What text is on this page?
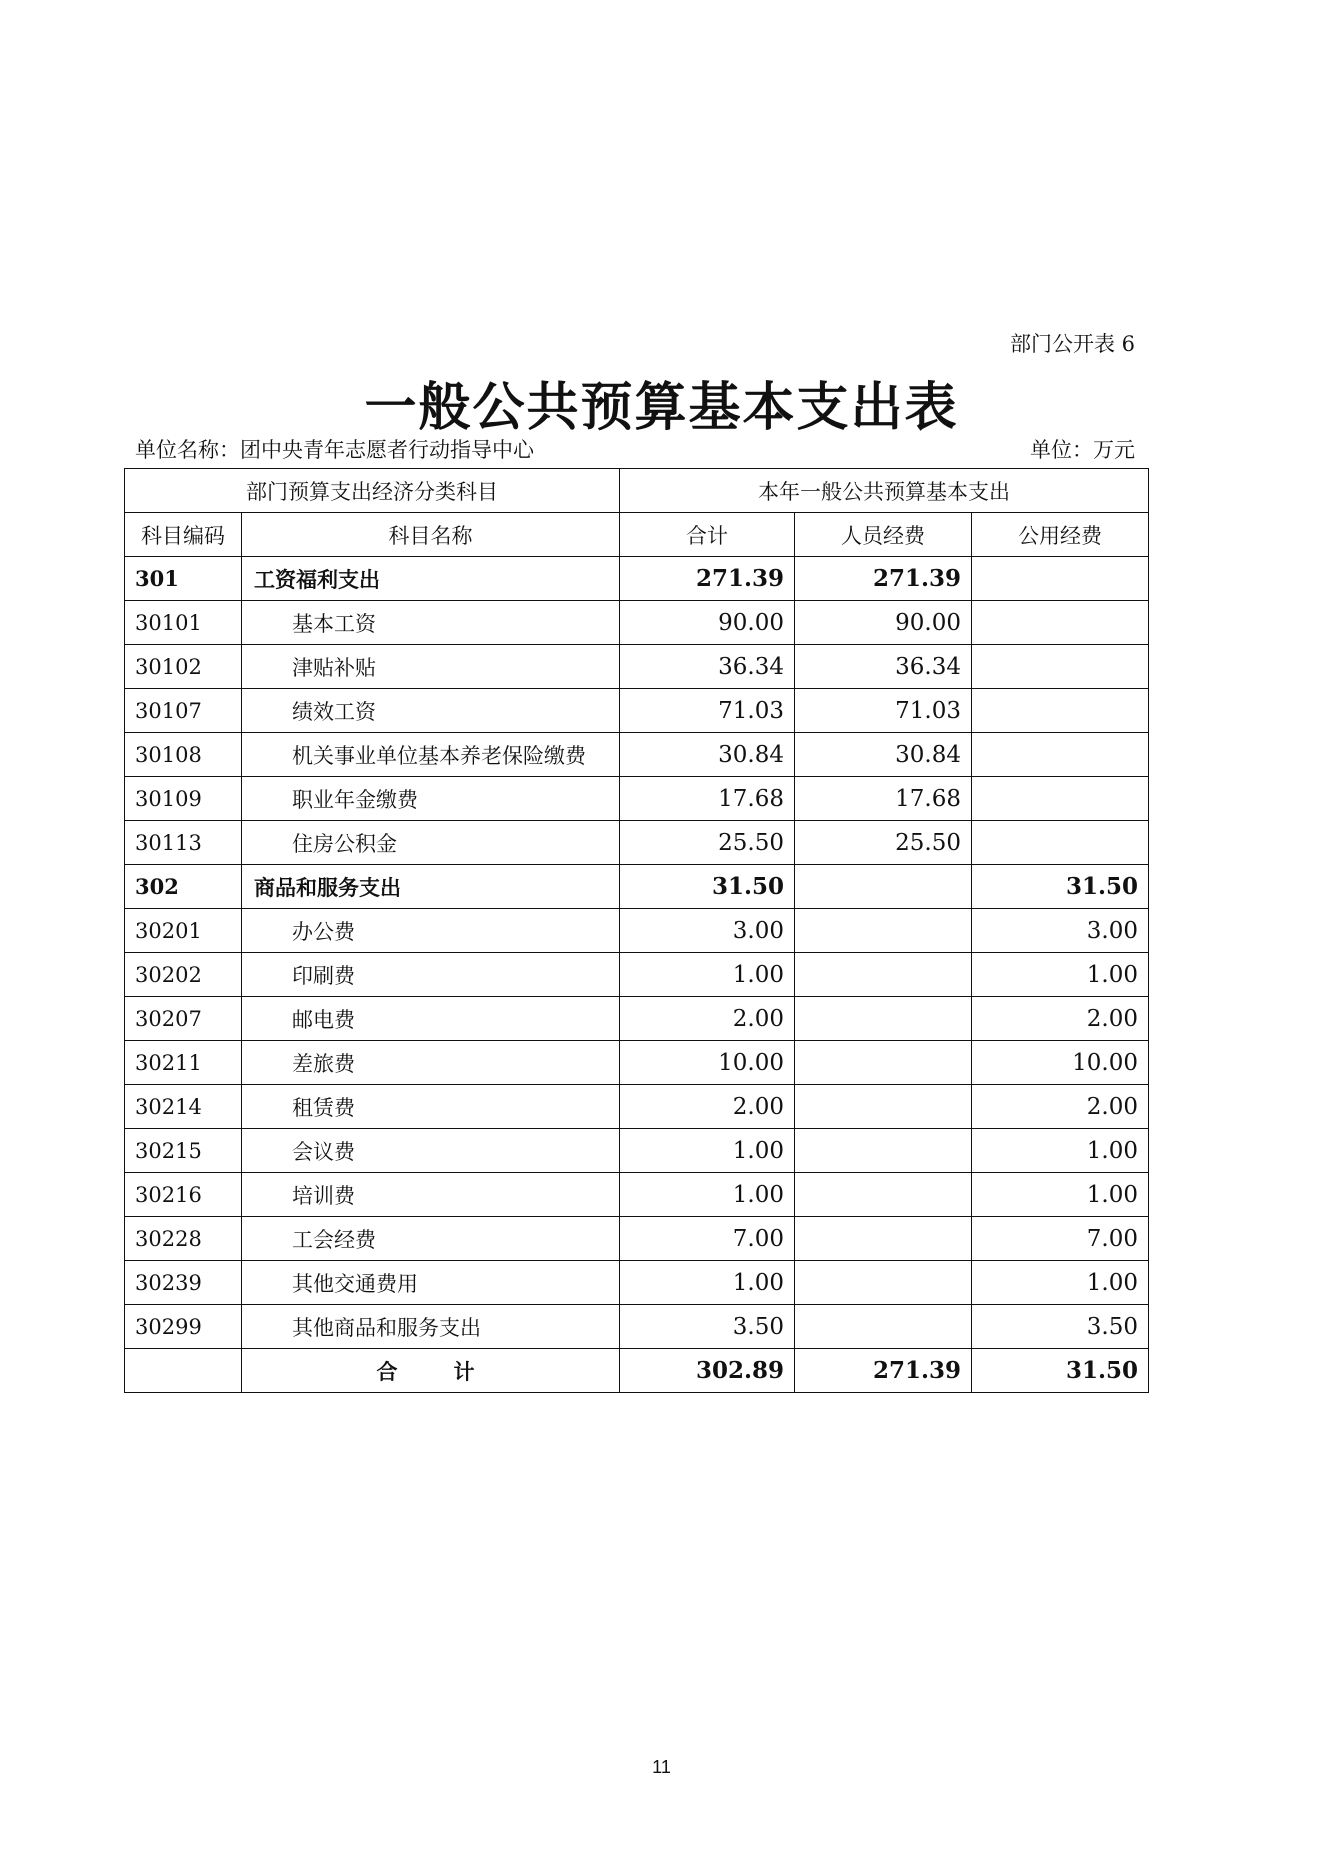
部门公开表 6
一般公共预算基本支出表
单位名称：团中央青年志愿者行动指导中心	单位：万元
部门预算支出经济分类科目		本年一般公共预算基本支出		
科目编码	科目名称	合计	人员经费	公用经费
301	工资福利支出	271.39	271.39	
30101	基本工资	90.00	90.00	
30102	津贴补贴	36.34	36.34	
30107	绩效工资	71.03	71.03	
30108	机关事业单位基本养老保险缴费	30.84	30.84	
30109	职业年金缴费	17.68	17.68	
30113	住房公积金	25.50	25.50	
302	商品和服务支出	31.50		31.50
30201	办公费	3.00		3.00
30202	印刷费	1.00		1.00
30207	邮电费	2.00		2.00
30211	差旅费	10.00		10.00
30214	租赁费	2.00		2.00
30215	会议费	1.00		1.00
30216	培训费	1.00		1.00
30228	工会经费	7.00		7.00
30239	其他交通费用	1.00		1.00
30299	其他商品和服务支出	3.50		3.50
	合计	302.89	271.39	31.50
11
